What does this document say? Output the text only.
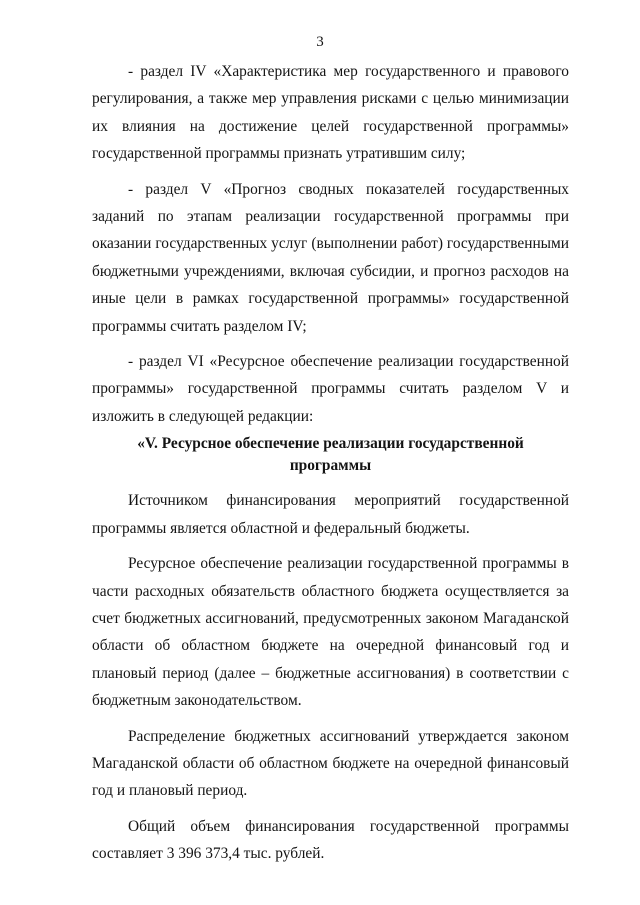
3

- раздел IV «Характеристика мер государственного и правового регулирования, а также мер управления рисками с целью минимизации их влияния на достижение целей государственной программы» государственной программы признать утратившим силу;

- раздел V «Прогноз сводных показателей государственных заданий по этапам реализации государственной программы при оказании государственных услуг (выполнении работ) государственными бюджетными учреждениями, включая субсидии, и прогноз расходов на иные цели в рамках государственной программы» государственной программы считать разделом IV;

- раздел VI «Ресурсное обеспечение реализации государственной программы» государственной программы считать разделом V и изложить в следующей редакции:

«V. Ресурсное обеспечение реализации государственной программы

Источником финансирования мероприятий государственной программы является областной и федеральный бюджеты.

Ресурсное обеспечение реализации государственной программы в части расходных обязательств областного бюджета осуществляется за счет бюджетных ассигнований, предусмотренных законом Магаданской области об областном бюджете на очередной финансовый год и плановый период (далее – бюджетные ассигнования) в соответствии с бюджетным законодательством.

Распределение бюджетных ассигнований утверждается законом Магаданской области об областном бюджете на очередной финансовый год и плановый период.

Общий объем финансирования государственной программы составляет 3 396 373,4 тыс. рублей.
